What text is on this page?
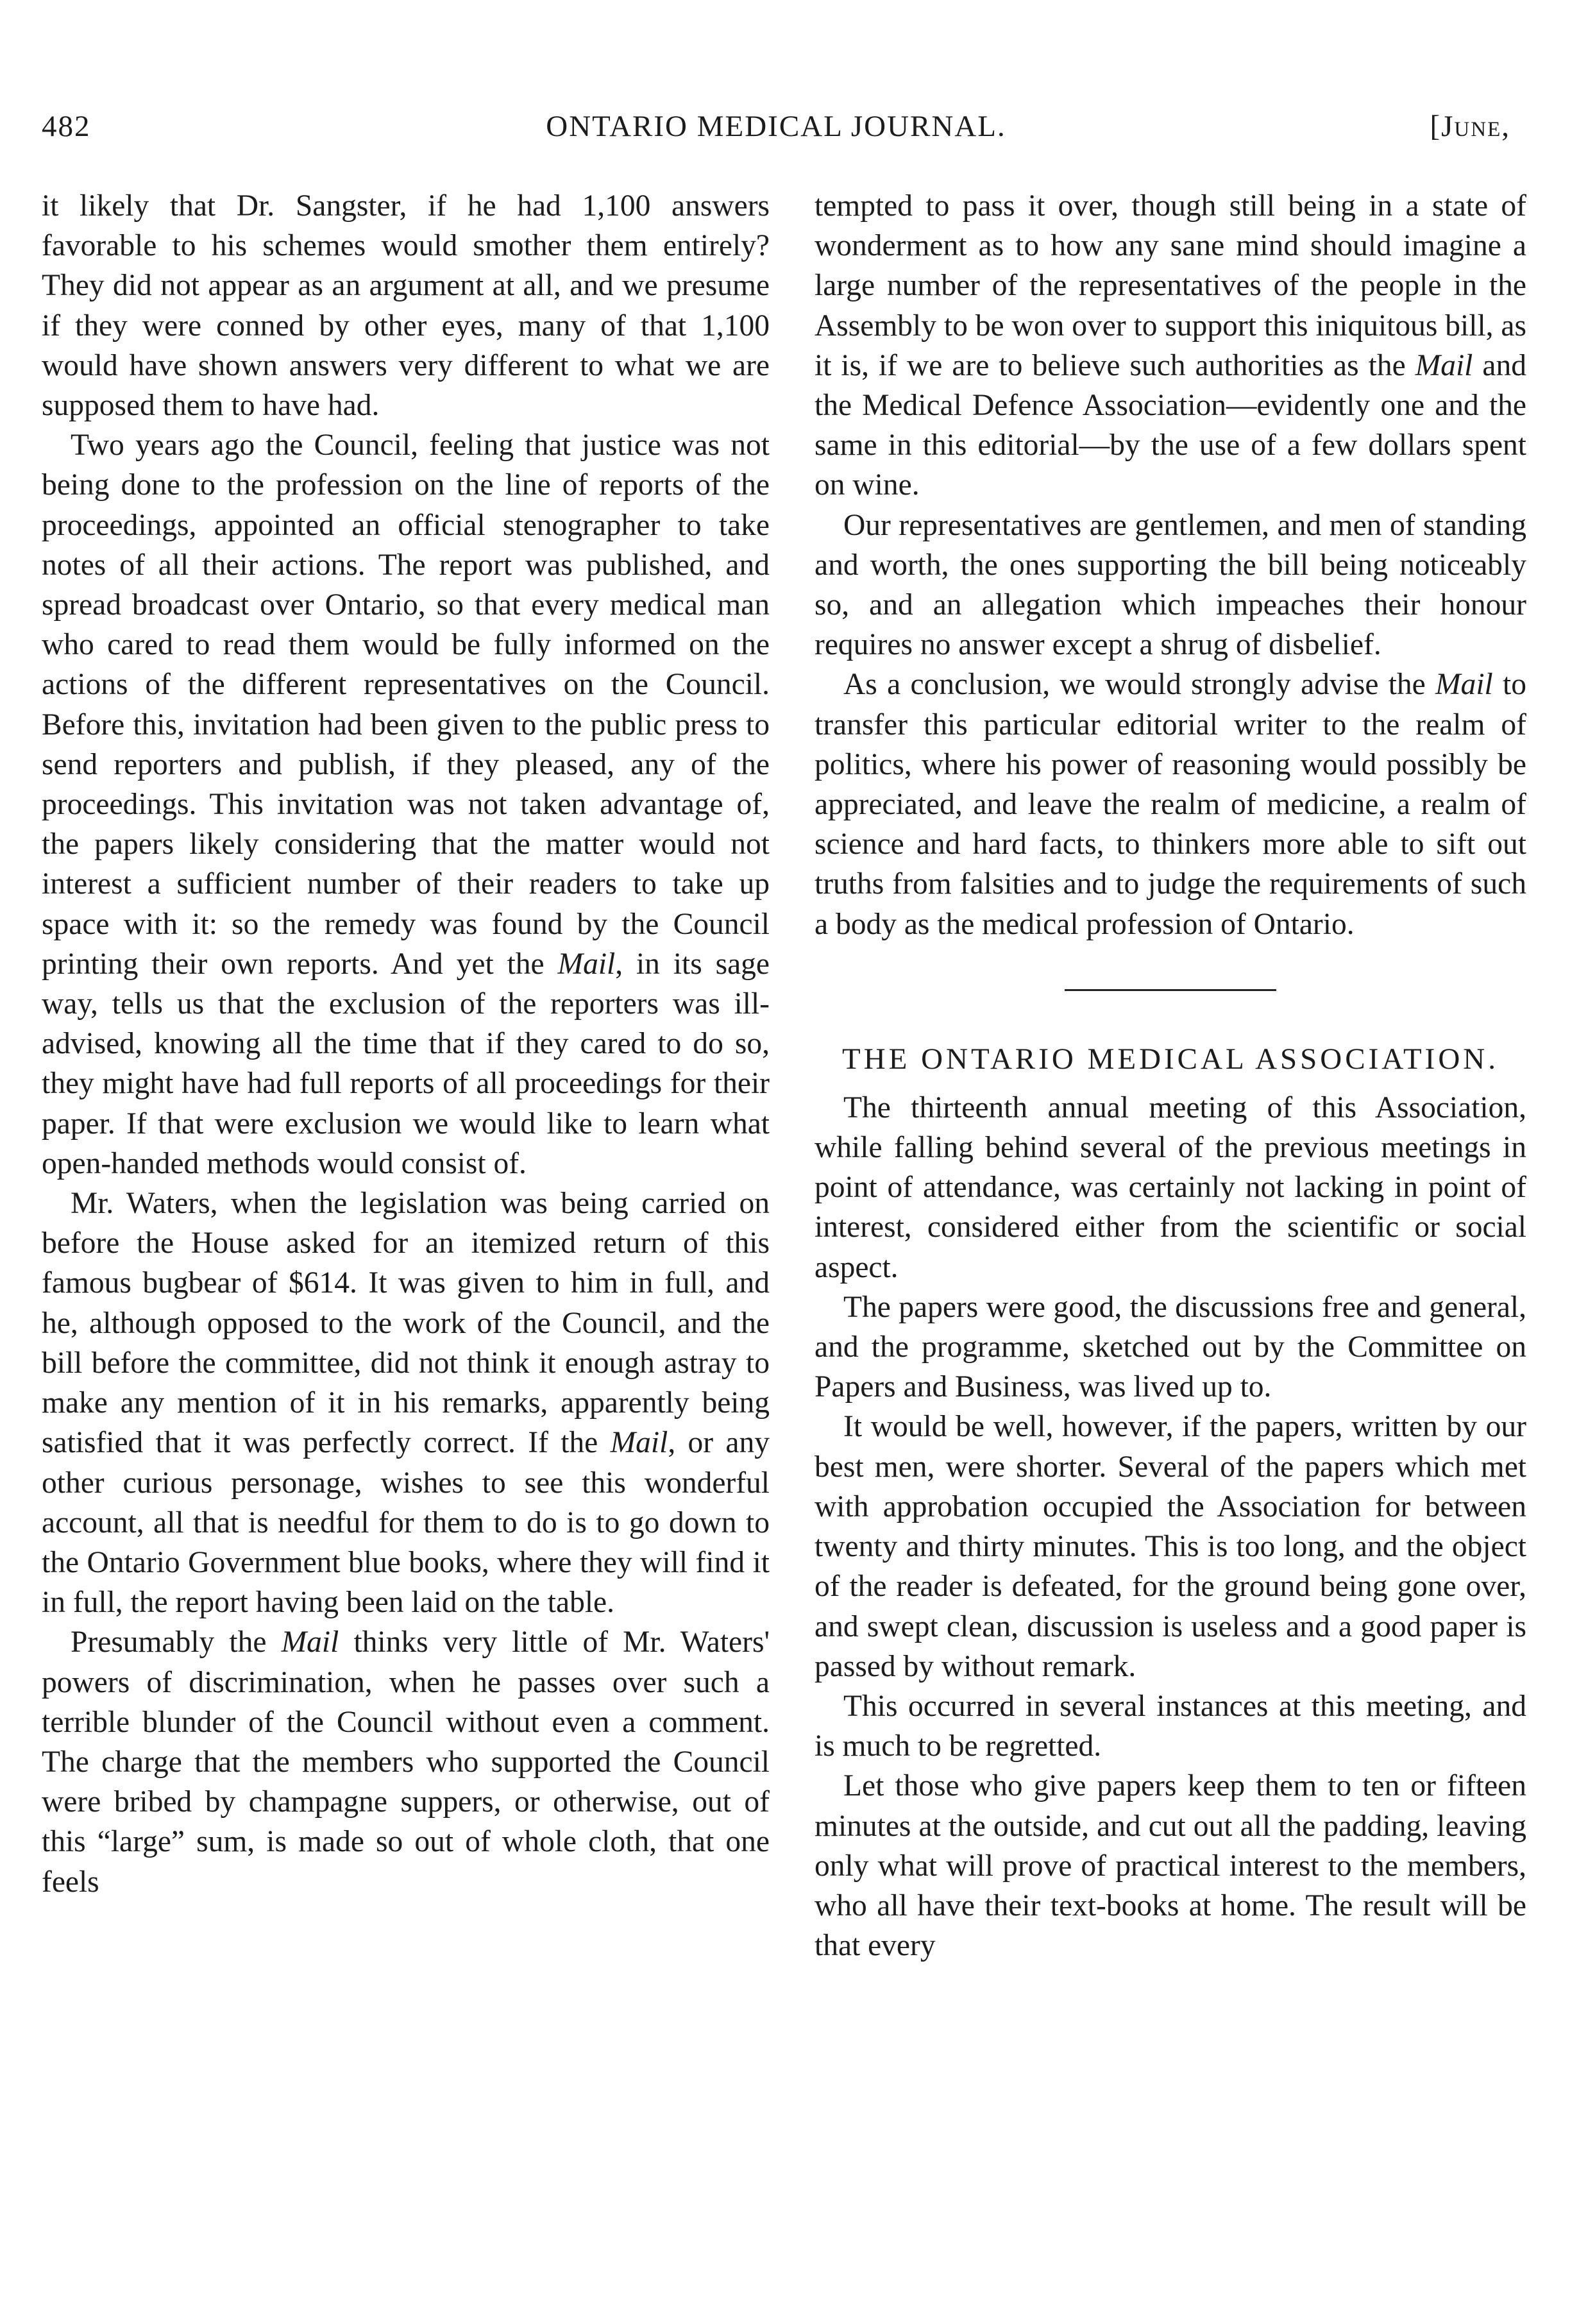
482	ONTARIO MEDICAL JOURNAL.	[June,

it likely that Dr. Sangster, if he had 1,100 answers favorable to his schemes would smother them entirely? They did not appear as an argument at all, and we presume if they were conned by other eyes, many of that 1,100 would have shown answers very different to what we are supposed them to have had.

Two years ago the Council, feeling that justice was not being done to the profession on the line of reports of the proceedings, appointed an official stenographer to take notes of all their actions. The report was published, and spread broadcast over Ontario, so that every medical man who cared to read them would be fully informed on the actions of the different representatives on the Council. Before this, invitation had been given to the public press to send reporters and publish, if they pleased, any of the proceedings. This invitation was not taken advantage of, the papers likely considering that the matter would not interest a sufficient number of their readers to take up space with it: so the remedy was found by the Council printing their own reports. And yet the Mail, in its sage way, tells us that the exclusion of the reporters was ill-advised, knowing all the time that if they cared to do so, they might have had full reports of all proceedings for their paper. If that were exclusion we would like to learn what open-handed methods would consist of.

Mr. Waters, when the legislation was being carried on before the House asked for an itemized return of this famous bugbear of $614. It was given to him in full, and he, although opposed to the work of the Council, and the bill before the committee, did not think it enough astray to make any mention of it in his remarks, apparently being satisfied that it was perfectly correct. If the Mail, or any other curious personage, wishes to see this wonderful account, all that is needful for them to do is to go down to the Ontario Government blue books, where they will find it in full, the report having been laid on the table.

Presumably the Mail thinks very little of Mr. Waters' powers of discrimination, when he passes over such a terrible blunder of the Council without even a comment. The charge that the members who supported the Council were bribed by champagne suppers, or otherwise, out of this “large” sum, is made so out of whole cloth, that one feels

tempted to pass it over, though still being in a state of wonderment as to how any sane mind should imagine a large number of the representatives of the people in the Assembly to be won over to support this iniquitous bill, as it is, if we are to believe such authorities as the Mail and the Medical Defence Association—evidently one and the same in this editorial—by the use of a few dollars spent on wine.

Our representatives are gentlemen, and men of standing and worth, the ones supporting the bill being noticeably so, and an allegation which impeaches their honour requires no answer except a shrug of disbelief.

As a conclusion, we would strongly advise the Mail to transfer this particular editorial writer to the realm of politics, where his power of reasoning would possibly be appreciated, and leave the realm of medicine, a realm of science and hard facts, to thinkers more able to sift out truths from falsities and to judge the requirements of such a body as the medical profession of Ontario.

THE ONTARIO MEDICAL ASSOCIATION.

The thirteenth annual meeting of this Association, while falling behind several of the previous meetings in point of attendance, was certainly not lacking in point of interest, considered either from the scientific or social aspect.

The papers were good, the discussions free and general, and the programme, sketched out by the Committee on Papers and Business, was lived up to.

It would be well, however, if the papers, written by our best men, were shorter. Several of the papers which met with approbation occupied the Association for between twenty and thirty minutes. This is too long, and the object of the reader is defeated, for the ground being gone over, and swept clean, discussion is useless and a good paper is passed by without remark.

This occurred in several instances at this meeting, and is much to be regretted.

Let those who give papers keep them to ten or fifteen minutes at the outside, and cut out all the padding, leaving only what will prove of practical interest to the members, who all have their text-books at home. The result will be that every
